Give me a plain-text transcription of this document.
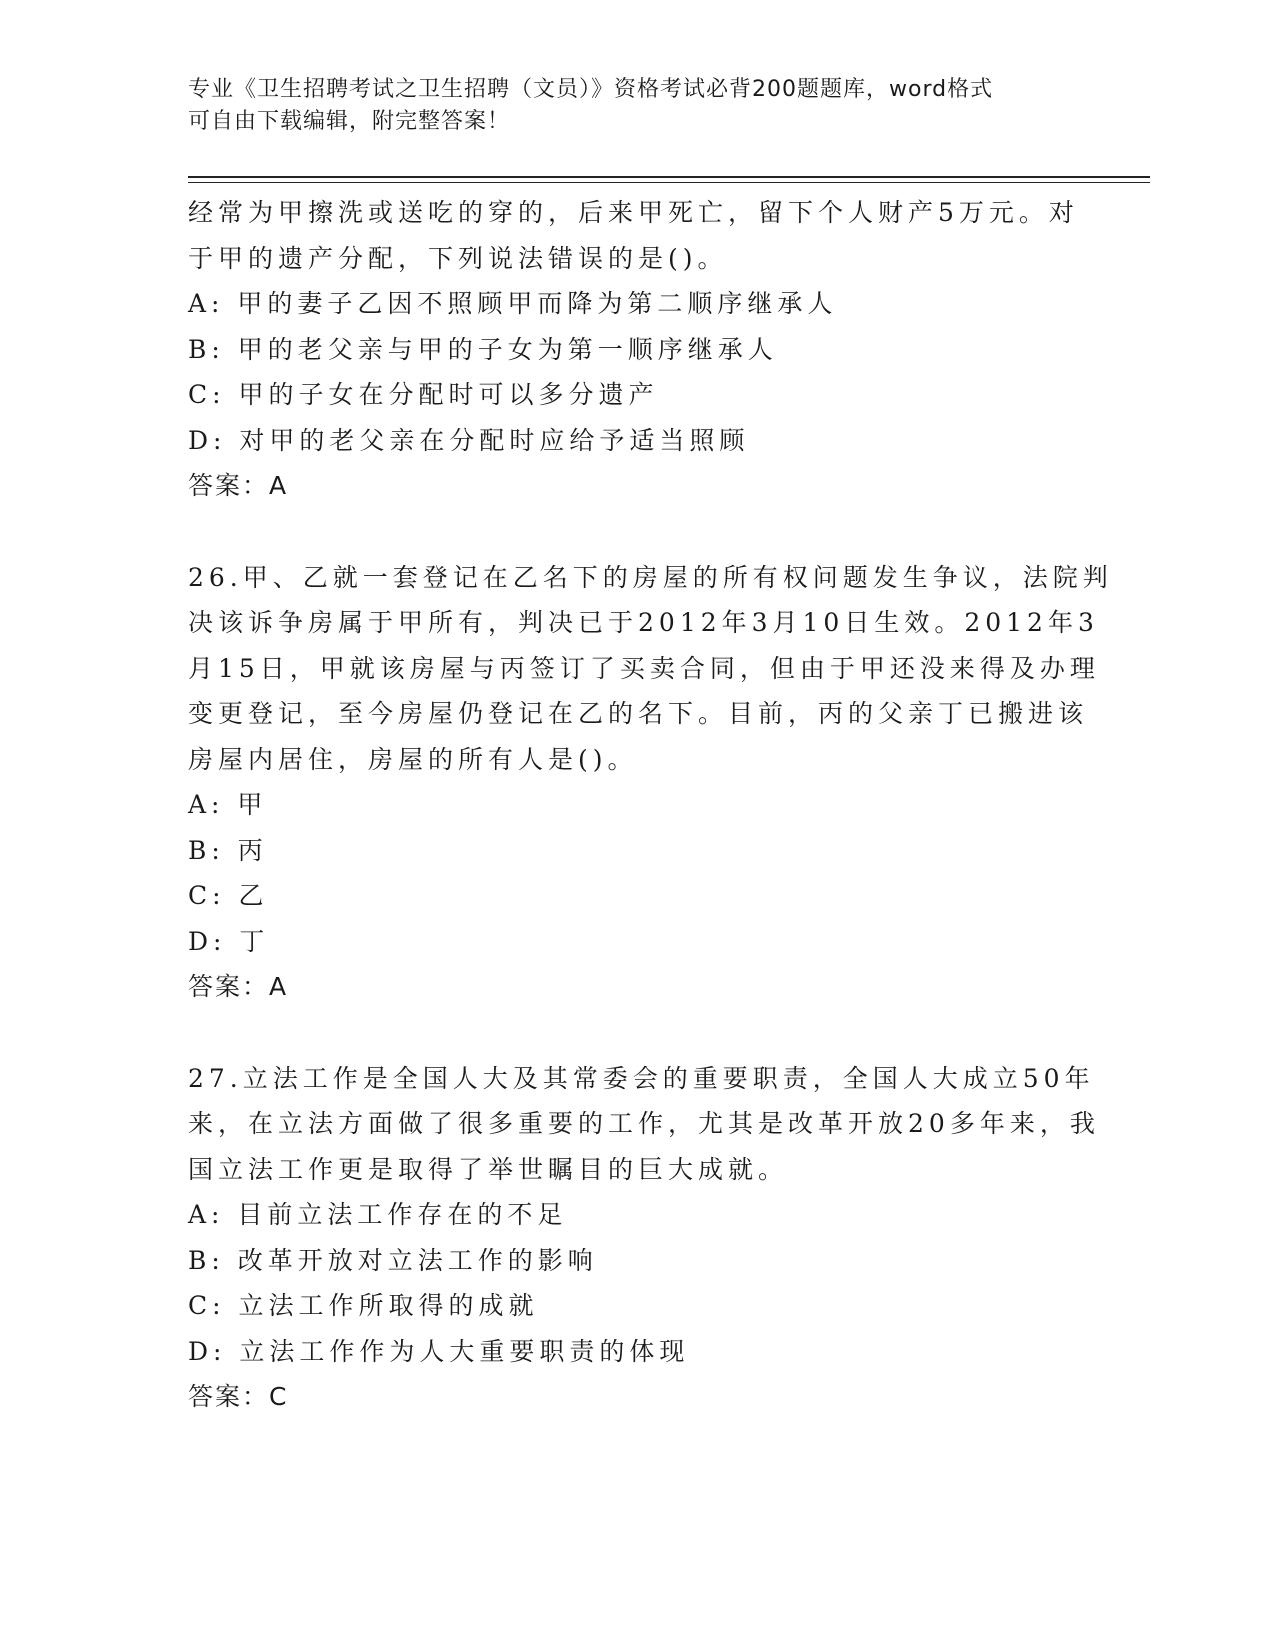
专业《卫生招聘考试之卫生招聘（文员）》资格考试必背200题题库，word格式
可自由下载编辑，附完整答案！
经常为甲擦洗或送吃的穿的，后来甲死亡，留下个人财产5万元。对
于甲的遗产分配，下列说法错误的是()。
A: 甲的妻子乙因不照顾甲而降为第二顺序继承人
B: 甲的老父亲与甲的子女为第一顺序继承人
C: 甲的子女在分配时可以多分遗产
D: 对甲的老父亲在分配时应给予适当照顾
答案：A
26.甲、乙就一套登记在乙名下的房屋的所有权问题发生争议，法院判
决该诉争房属于甲所有，判决已于2012年3月10日生效。2012年3
月15日，甲就该房屋与丙签订了买卖合同，但由于甲还没来得及办理
变更登记，至今房屋仍登记在乙的名下。目前，丙的父亲丁已搬进该
房屋内居住，房屋的所有人是()。
A: 甲
B: 丙
C: 乙
D: 丁
答案：A
27.立法工作是全国人大及其常委会的重要职责，全国人大成立50年
来，在立法方面做了很多重要的工作，尤其是改革开放20多年来，我
国立法工作更是取得了举世瞩目的巨大成就。
A: 目前立法工作存在的不足
B: 改革开放对立法工作的影响
C: 立法工作所取得的成就
D: 立法工作作为人大重要职责的体现
答案：C
